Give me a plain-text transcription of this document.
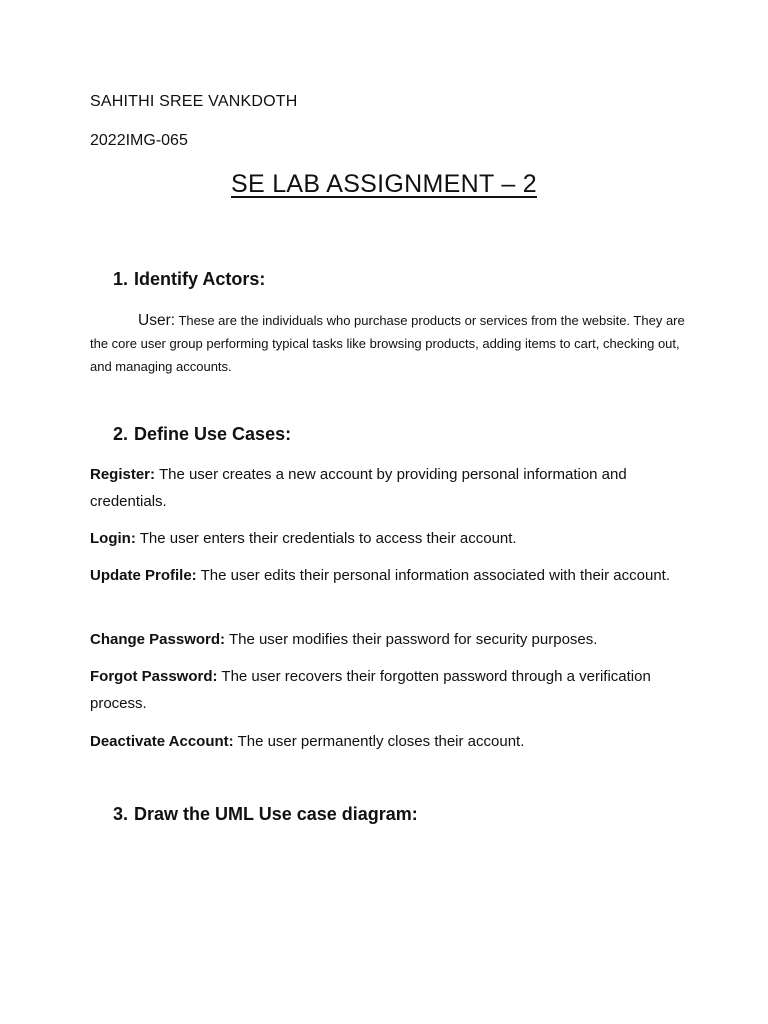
SAHITHI SREE VANKDOTH
2022IMG-065
SE LAB ASSIGNMENT – 2
1. Identify Actors:
User: These are the individuals who purchase products or services from the website. They are the core user group performing typical tasks like browsing products, adding items to cart, checking out, and managing accounts.
2. Define Use Cases:
Register: The user creates a new account by providing personal information and credentials.
Login: The user enters their credentials to access their account.
Update Profile: The user edits their personal information associated with their account.
Change Password: The user modifies their password for security purposes.
Forgot Password: The user recovers their forgotten password through a verification process.
Deactivate Account: The user permanently closes their account.
3. Draw the UML Use case diagram:
